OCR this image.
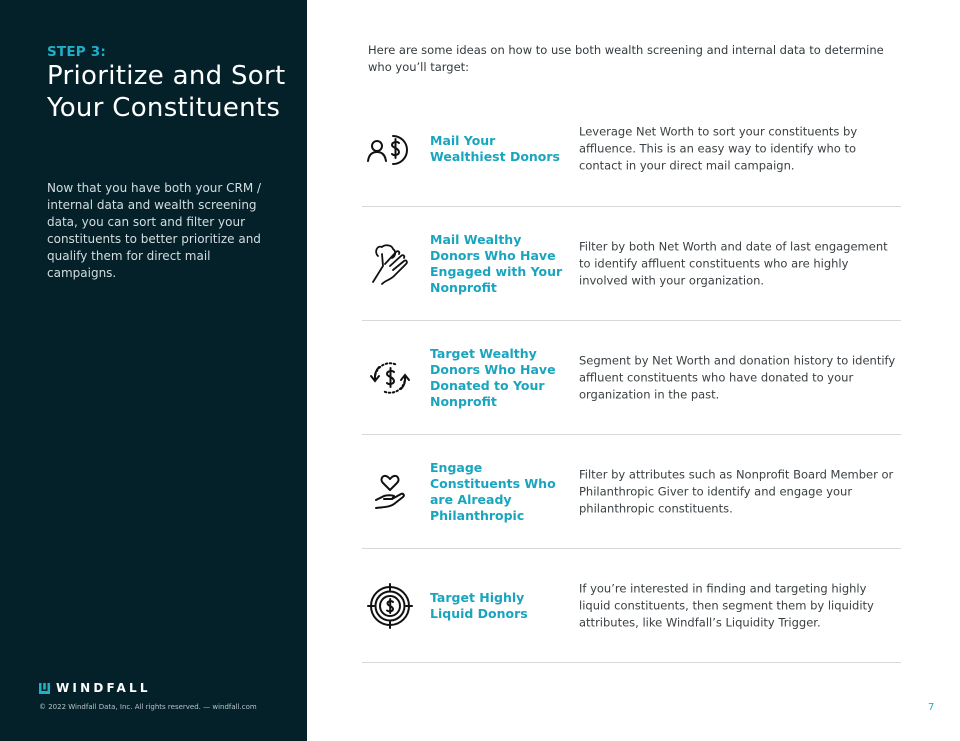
STEP 3:
Prioritize and Sort Your Constituents

Now that you have both your CRM / internal data and wealth screening data, you can sort and filter your constituents to better prioritize and qualify them for direct mail campaigns.

WINDFALL
© 2022 Windfall Data, Inc. All rights reserved. — windfall.com

Here are some ideas on how to use both wealth screening and internal data to determine who you’ll target:

Mail Your Wealthiest Donors
Leverage Net Worth to sort your constituents by affluence. This is an easy way to identify who to contact in your direct mail campaign.
Mail Wealthy Donors Who Have Engaged with Your Nonprofit
Filter by both Net Worth and date of last engagement to identify affluent constituents who are highly involved with your organization.
Target Wealthy Donors Who Have Donated to Your Nonprofit
Segment by Net Worth and donation history to identify affluent constituents who have donated to your organization in the past.
Engage Constituents Who are Already Philanthropic
Filter by attributes such as Nonprofit Board Member or Philanthropic Giver to identify and engage your philanthropic constituents.
Target Highly Liquid Donors
If you’re interested in finding and targeting highly liquid constituents, then segment them by liquidity attributes, like Windfall’s Liquidity Trigger.
7
